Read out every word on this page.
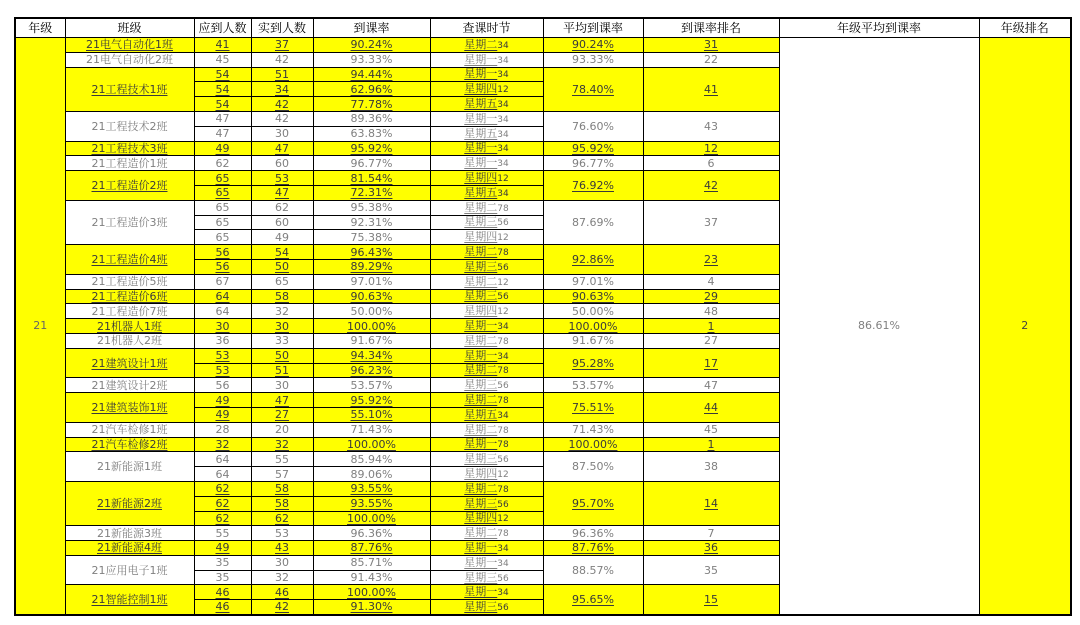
年级	班级	应到人数	实到人数	到课率	查课时节	平均到课率	到课率排名	年级平均到课率	年级排名
21	21电气自动化1班	41	37	90.24%	星期二34	90.24%	31	86.61%	2
	21电气自动化2班	45	42	93.33%	星期一34	93.33%	22		
	21工程技术1班	54	51	94.44%	星期一34	78.40%	41		
		54	34	62.96%	星期四12				
		54	42	77.78%	星期五34				
	21工程技术2班	47	42	89.36%	星期一34	76.60%	43		
		47	30	63.83%	星期五34				
	21工程技术3班	49	47	95.92%	星期一34	95.92%	12		
	21工程造价1班	62	60	96.77%	星期一34	96.77%	6		
	21工程造价2班	65	53	81.54%	星期四12	76.92%	42		
		65	47	72.31%	星期五34				
	21工程造价3班	65	62	95.38%	星期二78	87.69%	37		
		65	60	92.31%	星期三56				
		65	49	75.38%	星期四12				
	21工程造价4班	56	54	96.43%	星期二78	92.86%	23		
		56	50	89.29%	星期三56				
	21工程造价5班	67	65	97.01%	星期二12	97.01%	4		
	21工程造价6班	64	58	90.63%	星期三56	90.63%	29		
	21工程造价7班	64	32	50.00%	星期四12	50.00%	48		
	21机器人1班	30	30	100.00%	星期一34	100.00%	1		
	21机器人2班	36	33	91.67%	星期二78	91.67%	27		
	21建筑设计1班	53	50	94.34%	星期一34	95.28%	17		
		53	51	96.23%	星期二78				
	21建筑设计2班	56	30	53.57%	星期三56	53.57%	47		
	21建筑装饰1班	49	47	95.92%	星期二78	75.51%	44		
		49	27	55.10%	星期五34				
	21汽车检修1班	28	20	71.43%	星期二78	71.43%	45		
	21汽车检修2班	32	32	100.00%	星期一78	100.00%	1		
	21新能源1班	64	55	85.94%	星期三56	87.50%	38		
		64	57	89.06%	星期四12				
	21新能源2班	62	58	93.55%	星期二78	95.70%	14		
		62	58	93.55%	星期三56				
		62	62	100.00%	星期四12				
	21新能源3班	55	53	96.36%	星期二78	96.36%	7		
	21新能源4班	49	43	87.76%	星期一34	87.76%	36		
	21应用电子1班	35	30	85.71%	星期一34	88.57%	35		
		35	32	91.43%	星期三56				
	21智能控制1班	46	46	100.00%	星期一34	95.65%	15		
		46	42	91.30%	星期三56				
